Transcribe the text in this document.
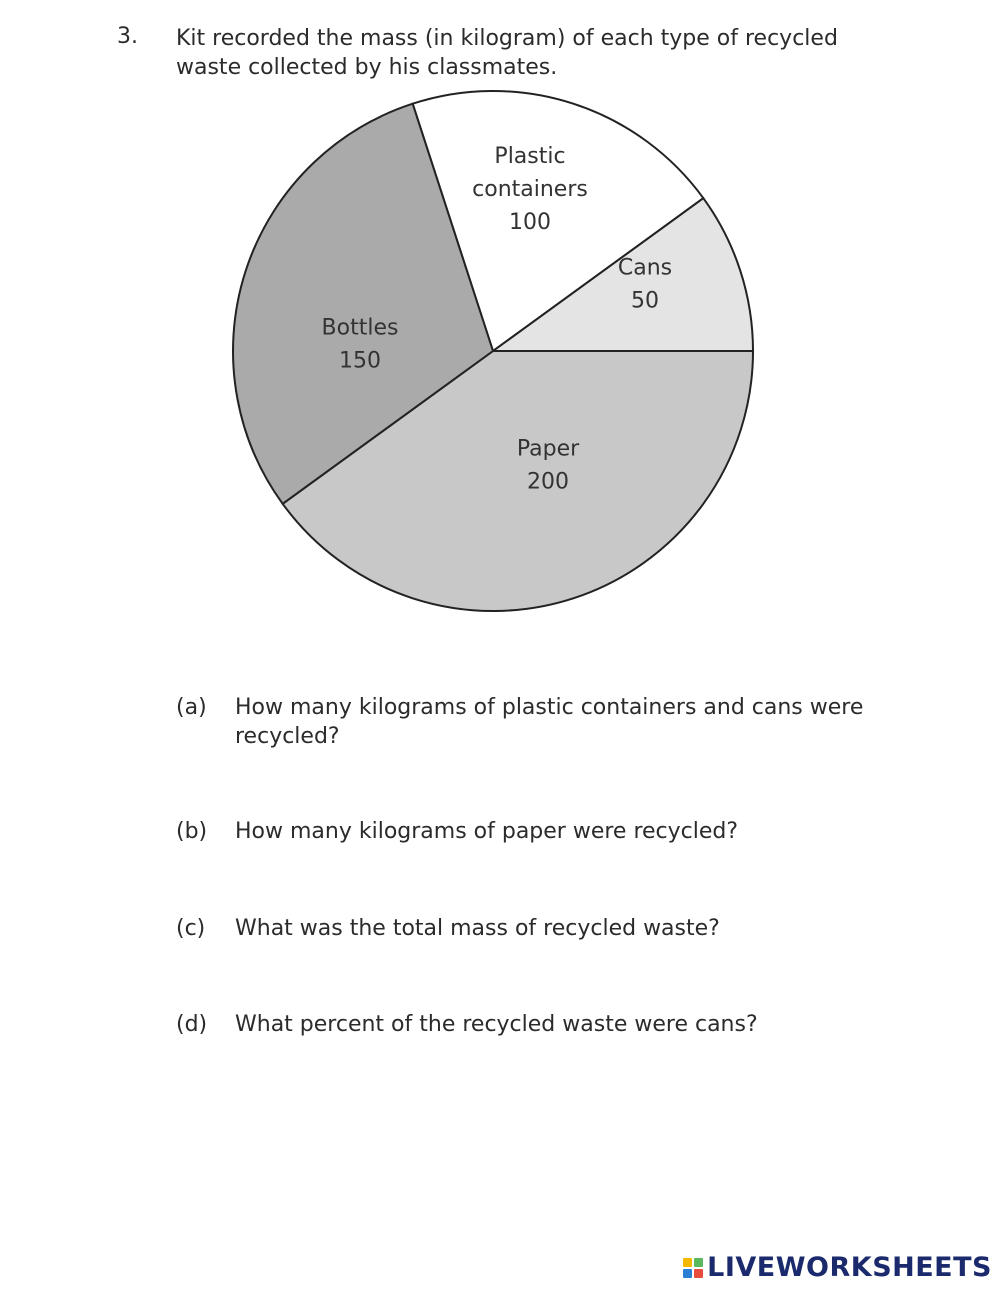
3. Kit recorded the mass (in kilogram) of each type of recycled waste collected by his classmates.
Plastic containers 100
Cans 50
Paper 200
Bottles 150
(a) How many kilograms of plastic containers and cans were recycled?
(b) How many kilograms of paper were recycled?
(c) What was the total mass of recycled waste?
(d) What percent of the recycled waste were cans?
LIVEWORKSHEETS
